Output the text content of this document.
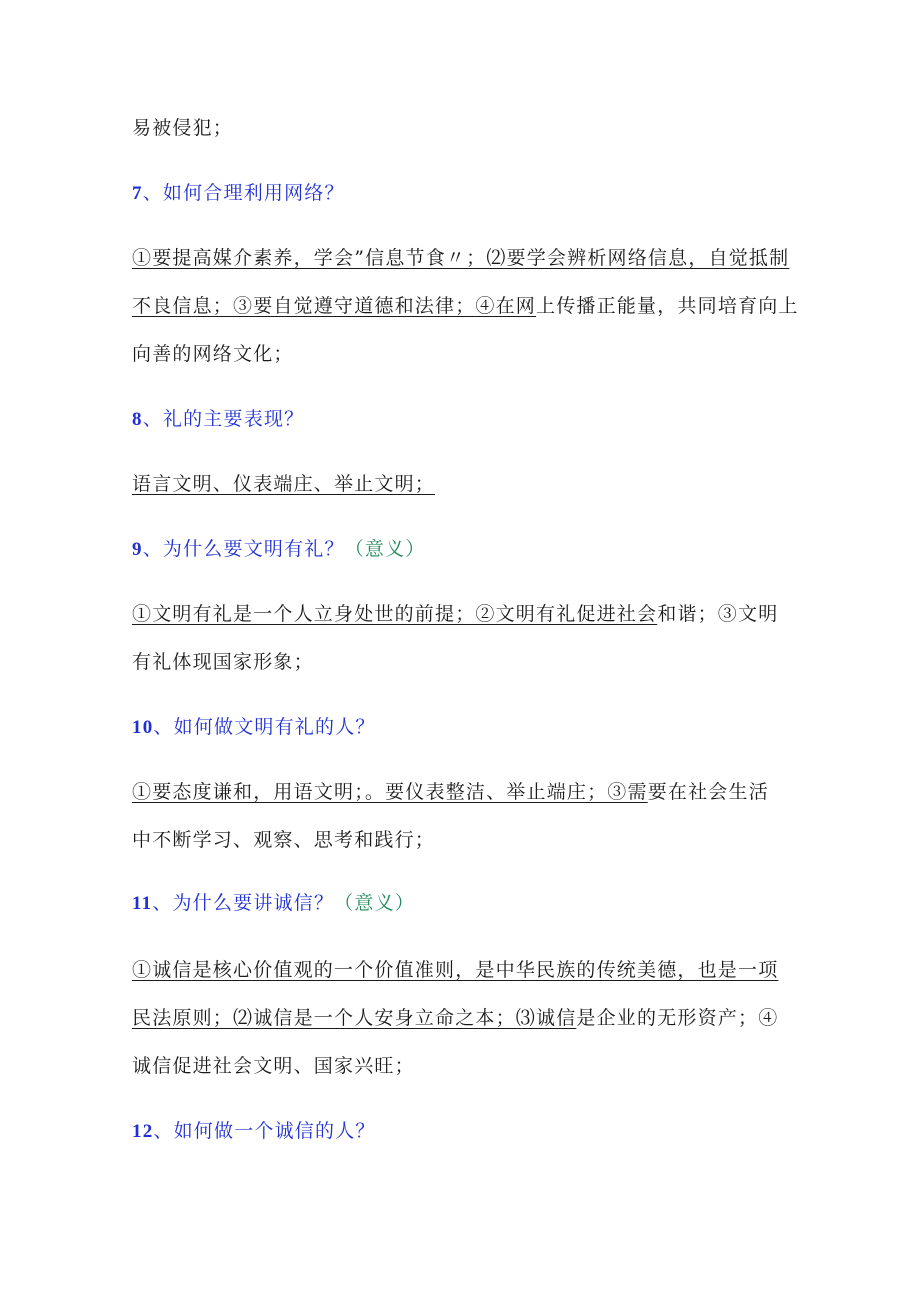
易被侵犯；
7、如何合理利用网络？
①要提高媒介素养，学会”信息节食〃；⑵要学会辨析网络信息，自觉抵制
不良信息；③要自觉遵守道德和法律；④在网上传播正能量，共同培育向上
向善的网络文化；
8、礼的主要表现？
语言文明、仪表端庄、举止文明；
9、为什么要文明有礼？（意义）
①文明有礼是一个人立身处世的前提；②文明有礼促进社会和谐；③文明
有礼体现国家形象；
10、如何做文明有礼的人？
①要态度谦和，用语文明；。要仪表整洁、举止端庄；③需要在社会生活
中不断学习、观察、思考和践行；
11、为什么要讲诚信？（意义）
①诚信是核心价值观的一个价值准则，是中华民族的传统美德，也是一项
民法原则；⑵诚信是一个人安身立命之本；⑶诚信是企业的无形资产；④
诚信促进社会文明、国家兴旺；
12、如何做一个诚信的人？
